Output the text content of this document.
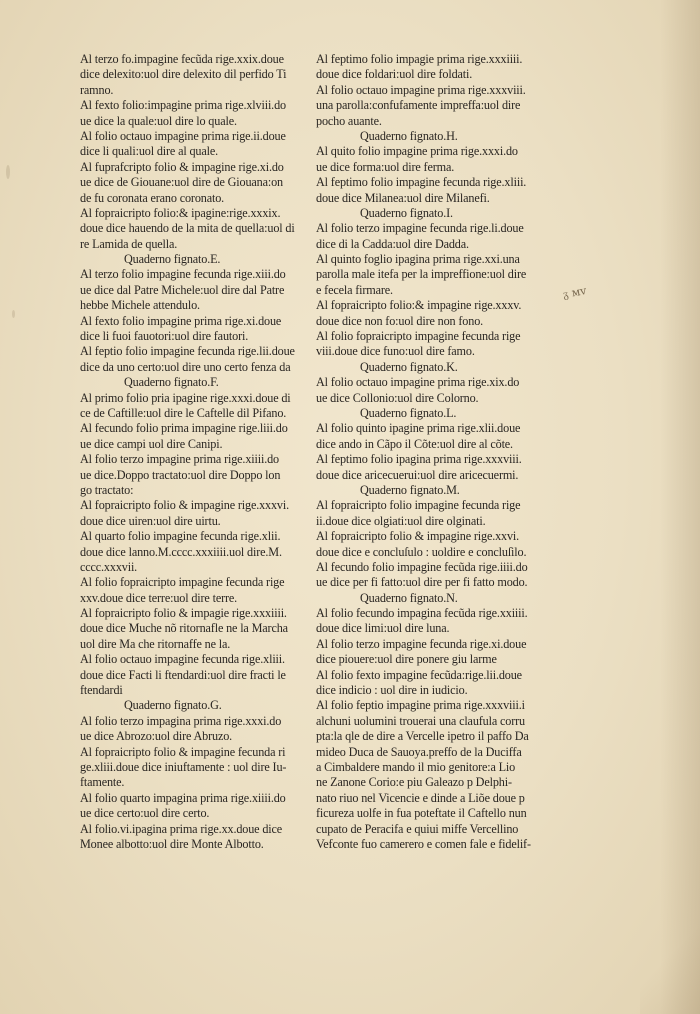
Al terzo fo.impagine fecũda rige.xxix.doue
dice delexito:uol dire delexito dil perfido Ti
ramno.
Al fexto folio:impagine prima rige.xlviii.do
ue dice la quale:uol dire lo quale.
Al folio octauo impagine prima rige.ii.doue
dice li quali:uol dire al quale.
Al fuprafcripto folio & impagine rige.xi.do
ue dice de Giouane:uol dire de Giouana:on
de fu coronata erano coronato.
Al fopraicripto folio:& ipagine:rige.xxxix.
doue dice hauendo de la mita de quella:uol di
re Lamida de quella.
Quaderno fignato.E.
Al terzo folio impagine fecunda rige.xiii.do
ue dice dal Patre Michele:uol dire dal Patre
hebbe Michele attendulo.
Al fexto folio impagine prima rige.xi.doue
dice li fuoi fauotori:uol dire fautori.
Al feptio folio impagine fecunda rige.lii.doue
dice da uno certo:uol dire uno certo fenza da
Quaderno fignato.F.
Al primo folio pria ipagine rige.xxxi.doue di
ce de Caftille:uol dire le Caftelle dil Pifano.
Al fecundo folio prima impagine rige.liii.do
ue dice campi uol dire Canipi.
Al folio terzo impagine prima rige.xiiii.do
ue dice.Doppo tractato:uol dire Doppo lon
go tractato:
Al fopraicripto folio & impagine rige.xxxvi.
doue dice uiren:uol dire uirtu.
Al quarto folio impagine fecunda rige.xlii.
doue dice lanno.M.cccc.xxxiiii.uol dire.M.
cccc.xxxvii.
Al folio fopraicripto impagine fecunda rige
xxv.doue dice terre:uol dire terre.
Al fopraicripto folio & impagie rige.xxxiiii.
doue dice Muche nõ ritornafle ne la Marcha
uol dire Ma che ritornaffe ne la.
Al folio octauo impagine fecunda rige.xliii.
doue dice Facti li ftendardi:uol dire fracti le
ftendardi
Quaderno fignato.G.
Al folio terzo impagina prima rige.xxxi.do
ue dice Abrozo:uol dire Abruzo.
Al fopraicripto folio & impagine fecunda ri
ge.xliii.doue dice iniuftamente : uol dire Iu-
ftamente.
Al folio quarto impagina prima rige.xiiii.do
ue dice certo:uol dire certo.
Al folio.vi.ipagina prima rige.xx.doue dice
Monee albotto:uol dire Monte Albotto.
Al feptimo folio impagie prima rige.xxxiiii.
doue dice foldari:uol dire foldati.
Al folio octauo impagine prima rige.xxxviii.
una parolla:confufamente impreffa:uol dire
pocho auante.
Quaderno fignato.H.
Al quito folio impagine prima rige.xxxi.do
ue dice forma:uol dire ferma.
Al feptimo folio impagine fecunda rige.xliii.
doue dice Milanea:uol dire Milanefi.
Quaderno fignato.I.
Al folio terzo impagine fecunda rige.li.doue
dice di la Cadda:uol dire Dadda.
Al quinto foglio ipagina prima rige.xxi.una
parolla male itefa per la impreffione:uol dire
e fecela firmare.
Al fopraicripto folio:& impagine rige.xxxv.
doue dice non fo:uol dire non fono.
Al folio fopraicripto impagine fecunda rige
viii.doue dice funo:uol dire famo.
Quaderno fignato.K.
Al folio octauo impagine prima rige.xix.do
ue dice Collonio:uol dire Colorno.
Quaderno fignato.L.
Al folio quinto ipagine prima rige.xlii.doue
dice ando in Cãpo il Cõte:uol dire al cõte.
Al feptimo folio ipagina prima rige.xxxviii.
doue dice aricecuerui:uol dire aricecuermi.
Quaderno fignato.M.
Al fopraicripto folio impagine fecunda rige
ii.doue dice olgiati:uol dire olginati.
Al fopraicripto folio & impagine rige.xxvi.
doue dice e concluſulo : uoldire e concluſilo.
Al fecundo folio impagine fecũda rige.iiii.do
ue dice per fi fatto:uol dire per fi fatto modo.
Quaderno fignato.N.
Al folio fecundo impagina fecũda rige.xxiiii.
doue dice limi:uol dire luna.
Al folio terzo impagine fecunda rige.xi.doue
dice piouere:uol dire ponere giu larme
Al folio fexto impagine fecũda:rige.lii.doue
dice indicio : uol dire in iudicio.
Al folio feptio impagine prima rige.xxxviii.i
alchuni uolumini trouerai una claufula corru
pta:la qle de dire a Vercelle ipetro il paffo Da
mideo Duca de Sauoya.preffo de la Duciffa
a Cimbaldere mando il mio genitore:a Lio
ne Zanone Corio:e piu Galeazo p Delphi-
nato riuo nel Vicencie e dinde a Liõe doue p
ficureza uolfe in fua poteftate il Caftello nun
cupato de Peracifa e quiui miffe Vercellino
Vefconte fuo camerero e comen fale e fidelif-
ᵹ ᴍᴠ
